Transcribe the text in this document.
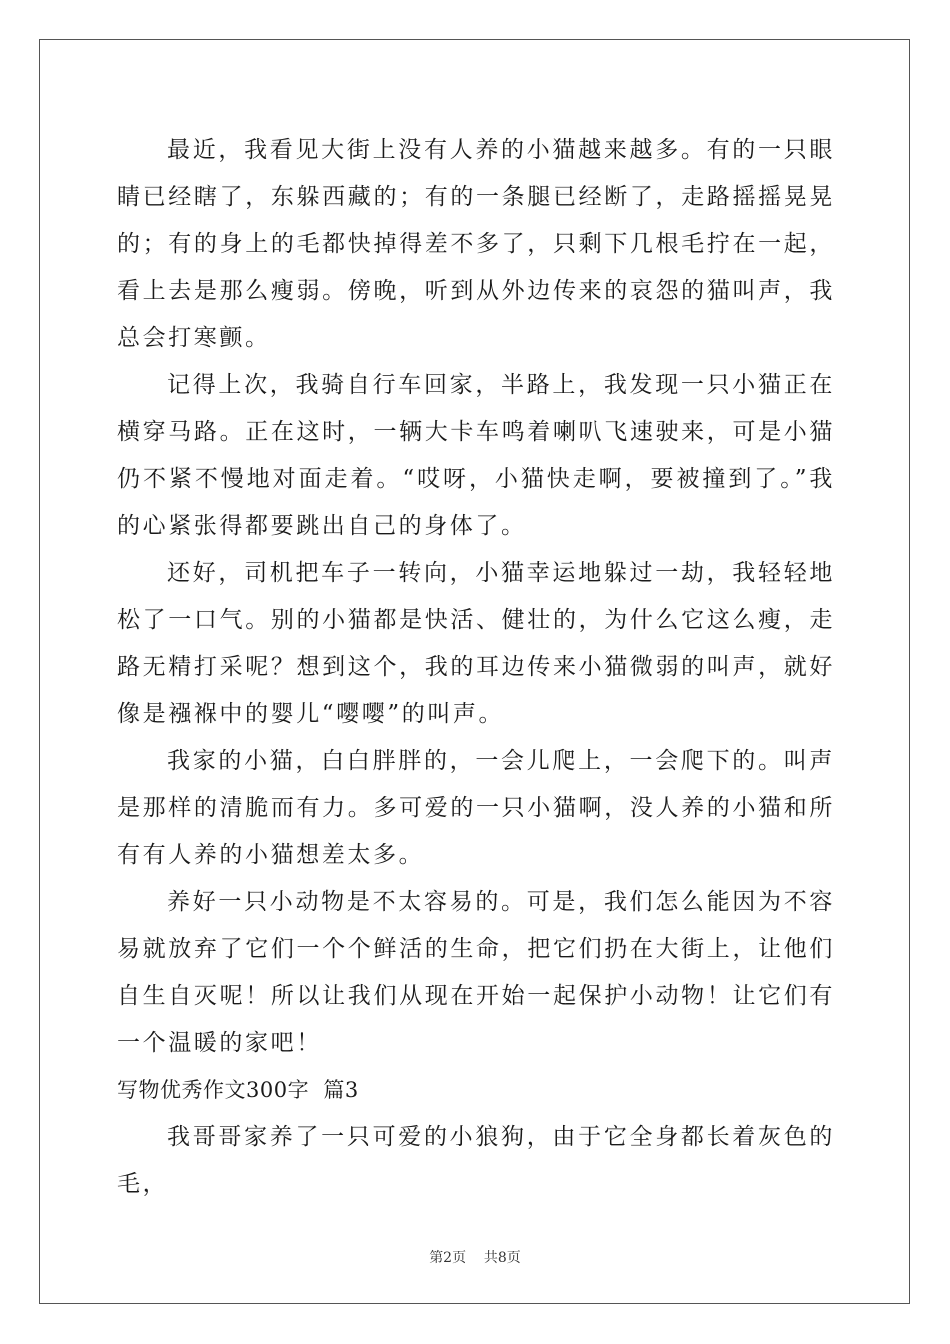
最近，我看见大街上没有人养的小猫越来越多。有的一只眼睛已经瞎了，东躲西藏的；有的一条腿已经断了，走路摇摇晃晃的；有的身上的毛都快掉得差不多了，只剩下几根毛拧在一起，看上去是那么瘦弱。傍晚，听到从外边传来的哀怨的猫叫声，我总会打寒颤。

记得上次，我骑自行车回家，半路上，我发现一只小猫正在横穿马路。正在这时，一辆大卡车鸣着喇叭飞速驶来，可是小猫仍不紧不慢地对面走着。“哎呀，小猫快走啊，要被撞到了。”我的心紧张得都要跳出自己的身体了。

还好，司机把车子一转向，小猫幸运地躲过一劫，我轻轻地松了一口气。别的小猫都是快活、健壮的，为什么它这么瘦，走路无精打采呢？想到这个，我的耳边传来小猫微弱的叫声，就好像是襁褓中的婴儿“嘤嘤”的叫声。

我家的小猫，白白胖胖的，一会儿爬上，一会爬下的。叫声是那样的清脆而有力。多可爱的一只小猫啊，没人养的小猫和所有有人养的小猫想差太多。

养好一只小动物是不太容易的。可是，我们怎么能因为不容易就放弃了它们一个个鲜活的生命，把它们扔在大街上，让他们自生自灭呢！所以让我们从现在开始一起保护小动物！让它们有一个温暖的家吧！

写物优秀作文300字  篇3

我哥哥家养了一只可爱的小狼狗，由于它全身都长着灰色的毛，

第2页    共8页
